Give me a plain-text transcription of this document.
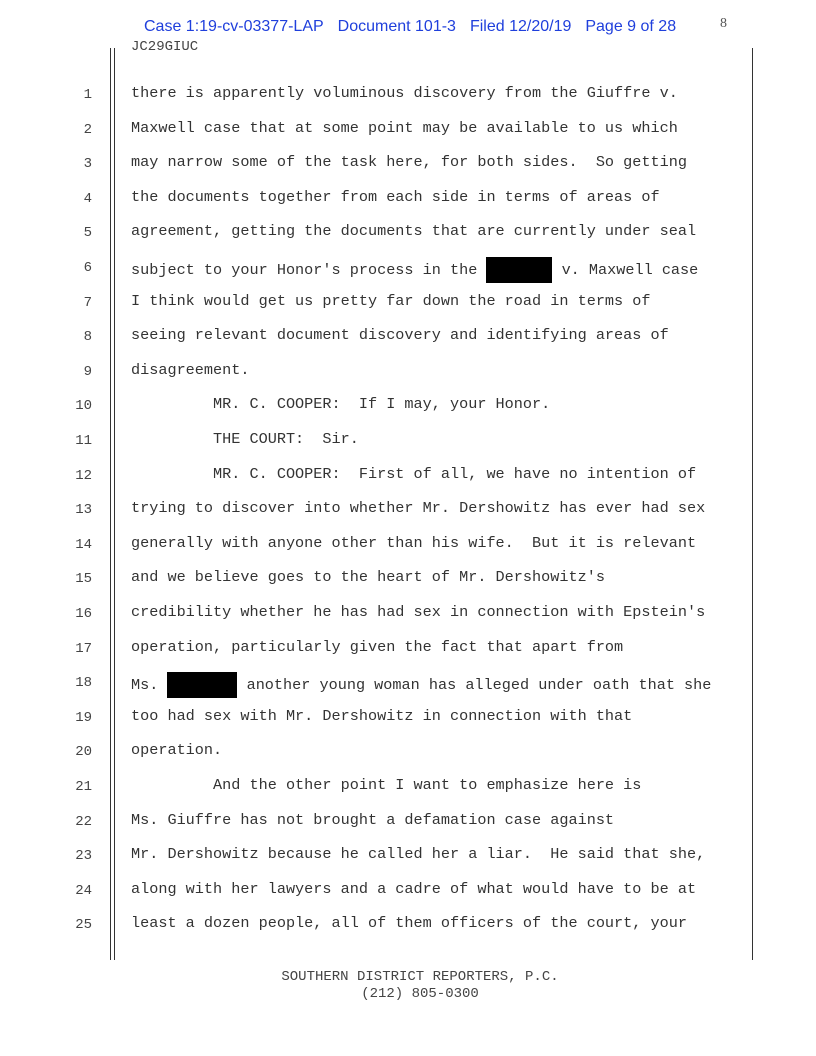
Case 1:19-cv-03377-LAP Document 101-3 Filed 12/20/19 Page 9 of 28	8
JC29GIUC
1	there is apparently voluminous discovery from the Giuffre v.
2	Maxwell case that at some point may be available to us which
3	may narrow some of the task here, for both sides.  So getting
4	the documents together from each side in terms of areas of
5	agreement, getting the documents that are currently under seal
6	subject to your Honor's process in the	v. Maxwell case
7	I think would get us pretty far down the road in terms of
8	seeing relevant document discovery and identifying areas of
9	disagreement.
10	MR. C. COOPER:  If I may, your Honor.
11	THE COURT:  Sir.
12	MR. C. COOPER:  First of all, we have no intention of
13	trying to discover into whether Mr. Dershowitz has ever had sex
14	generally with anyone other than his wife.  But it is relevant
15	and we believe goes to the heart of Mr. Dershowitz's
16	credibility whether he has had sex in connection with Epstein's
17	operation, particularly given the fact that apart from
18	Ms.	another young woman has alleged under oath that she
19	too had sex with Mr. Dershowitz in connection with that
20	operation.
21	And the other point I want to emphasize here is
22	Ms. Giuffre has not brought a defamation case against
23	Mr. Dershowitz because he called her a liar.  He said that she,
24	along with her lawyers and a cadre of what would have to be at
25	least a dozen people, all of them officers of the court, your
SOUTHERN DISTRICT REPORTERS, P.C.
(212) 805-0300
